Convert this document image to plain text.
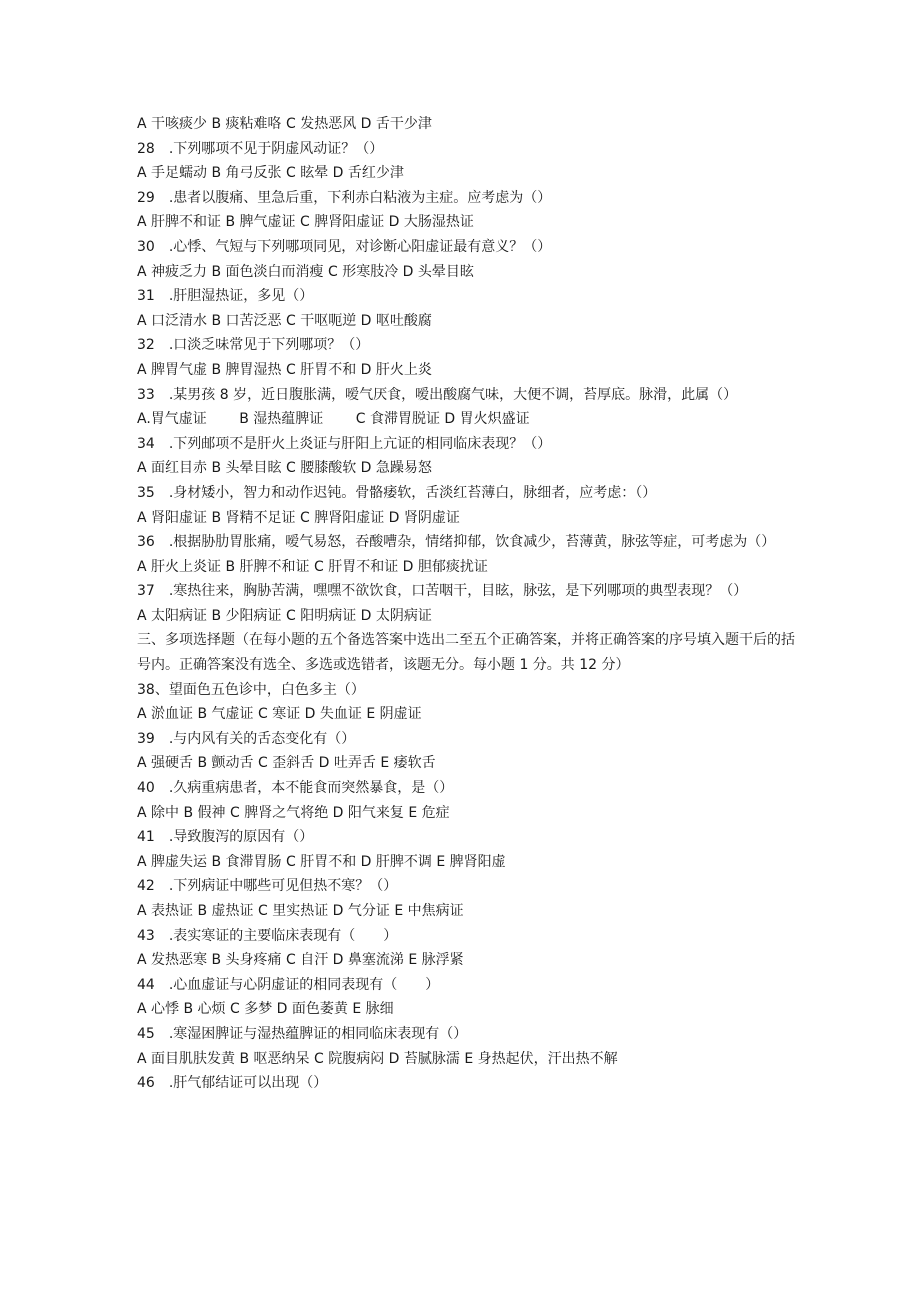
A 干咳痰少 B 痰粘难咯 C 发热恶风 D 舌干少津
28　.下列哪项不见于阴虚风动证？（）
A 手足蠕动 B 角弓反张 C 眩晕 D 舌红少津
29　.患者以腹痛、里急后重，下利赤白粘液为主症。应考虑为（）
A 肝脾不和证 B 脾气虚证 C 脾肾阳虚证 D 大肠湿热证
30　.心悸、气短与下列哪项同见，对诊断心阳虚证最有意义？（）
A 神疲乏力 B 面色淡白而消瘦 C 形寒肢冷 D 头晕目眩
31　.肝胆湿热证，多见（）
A 口泛清水 B 口苦泛恶 C 干呕呃逆 D 呕吐酸腐
32　.口淡乏味常见于下列哪项？（）
A 脾胃气虚 B 脾胃湿热 C 肝胃不和 D 肝火上炎
33　.某男孩 8 岁，近日腹胀满，嗳气厌食，嗳出酸腐气味，大便不调，苔厚底。脉滑，此属（）
A.胃气虚证　　 B 湿热蕴脾证　　 C 食滞胃脱证 D 胃火炽盛证
34　.下列邮项不是肝火上炎证与肝阳上亢证的相同临床表现？（）
A 面红目赤 B 头晕目眩 C 腰膝酸软 D 急躁易怒
35　.身材矮小，智力和动作迟钝。骨骼痿软，舌淡红苔薄白，脉细者，应考虑：（）
A 肾阳虚证 B 肾精不足证 C 脾肾阳虚证 D 肾阴虚证
36　.根据胁肋胃胀痛，嗳气易怒，吞酸嘈杂，情绪抑郁，饮食减少，苔薄黄，脉弦等症，可考虑为（）
A 肝火上炎证 B 肝脾不和证 C 肝胃不和证 D 胆郁痰扰证
37　.寒热往来，胸胁苦满，嘿嘿不欲饮食，口苦咽干，目眩，脉弦，是下列哪项的典型表现？（）
A 太阳病证 B 少阳病证 C 阳明病证 D 太阴病证
三、多项选择题（在每小题的五个备选答案中选出二至五个正确答案，并将正确答案的序号填入题干后的括号内。正确答案没有选全、多选或选错者，该题无分。每小题 1 分。共 12 分）
38、望面色五色诊中，白色多主（）
A 淤血证 B 气虚证 C 寒证 D 失血证 E 阴虚证
39　.与内风有关的舌态变化有（）
A 强硬舌 B 颤动舌 C 歪斜舌 D 吐弄舌 E 痿软舌
40　.久病重病患者，本不能食而突然暴食，是（）
A 除中 B 假神 C 脾肾之气将绝 D 阳气来复 E 危症
41　.导致腹泻的原因有（）
A 脾虚失运 B 食滞胃肠 C 肝胃不和 D 肝脾不调 E 脾肾阳虚
42　.下列病证中哪些可见但热不寒？（）
A 表热证 B 虚热证 C 里实热证 D 气分证 E 中焦病证
43　.表实寒证的主要临床表现有（　　）
A 发热恶寒 B 头身疼痛 C 自汗 D 鼻塞流涕 E 脉浮紧
44　.心血虚证与心阴虚证的相同表现有（　　）
A 心悸 B 心烦 C 多梦 D 面色萎黄 E 脉细
45　.寒湿困脾证与湿热蕴脾证的相同临床表现有（）
A 面目肌肤发黄 B 呕恶纳呆 C 院腹病闷 D 苔腻脉濡 E 身热起伏，汗出热不解
46　.肝气郁结证可以出现（）
